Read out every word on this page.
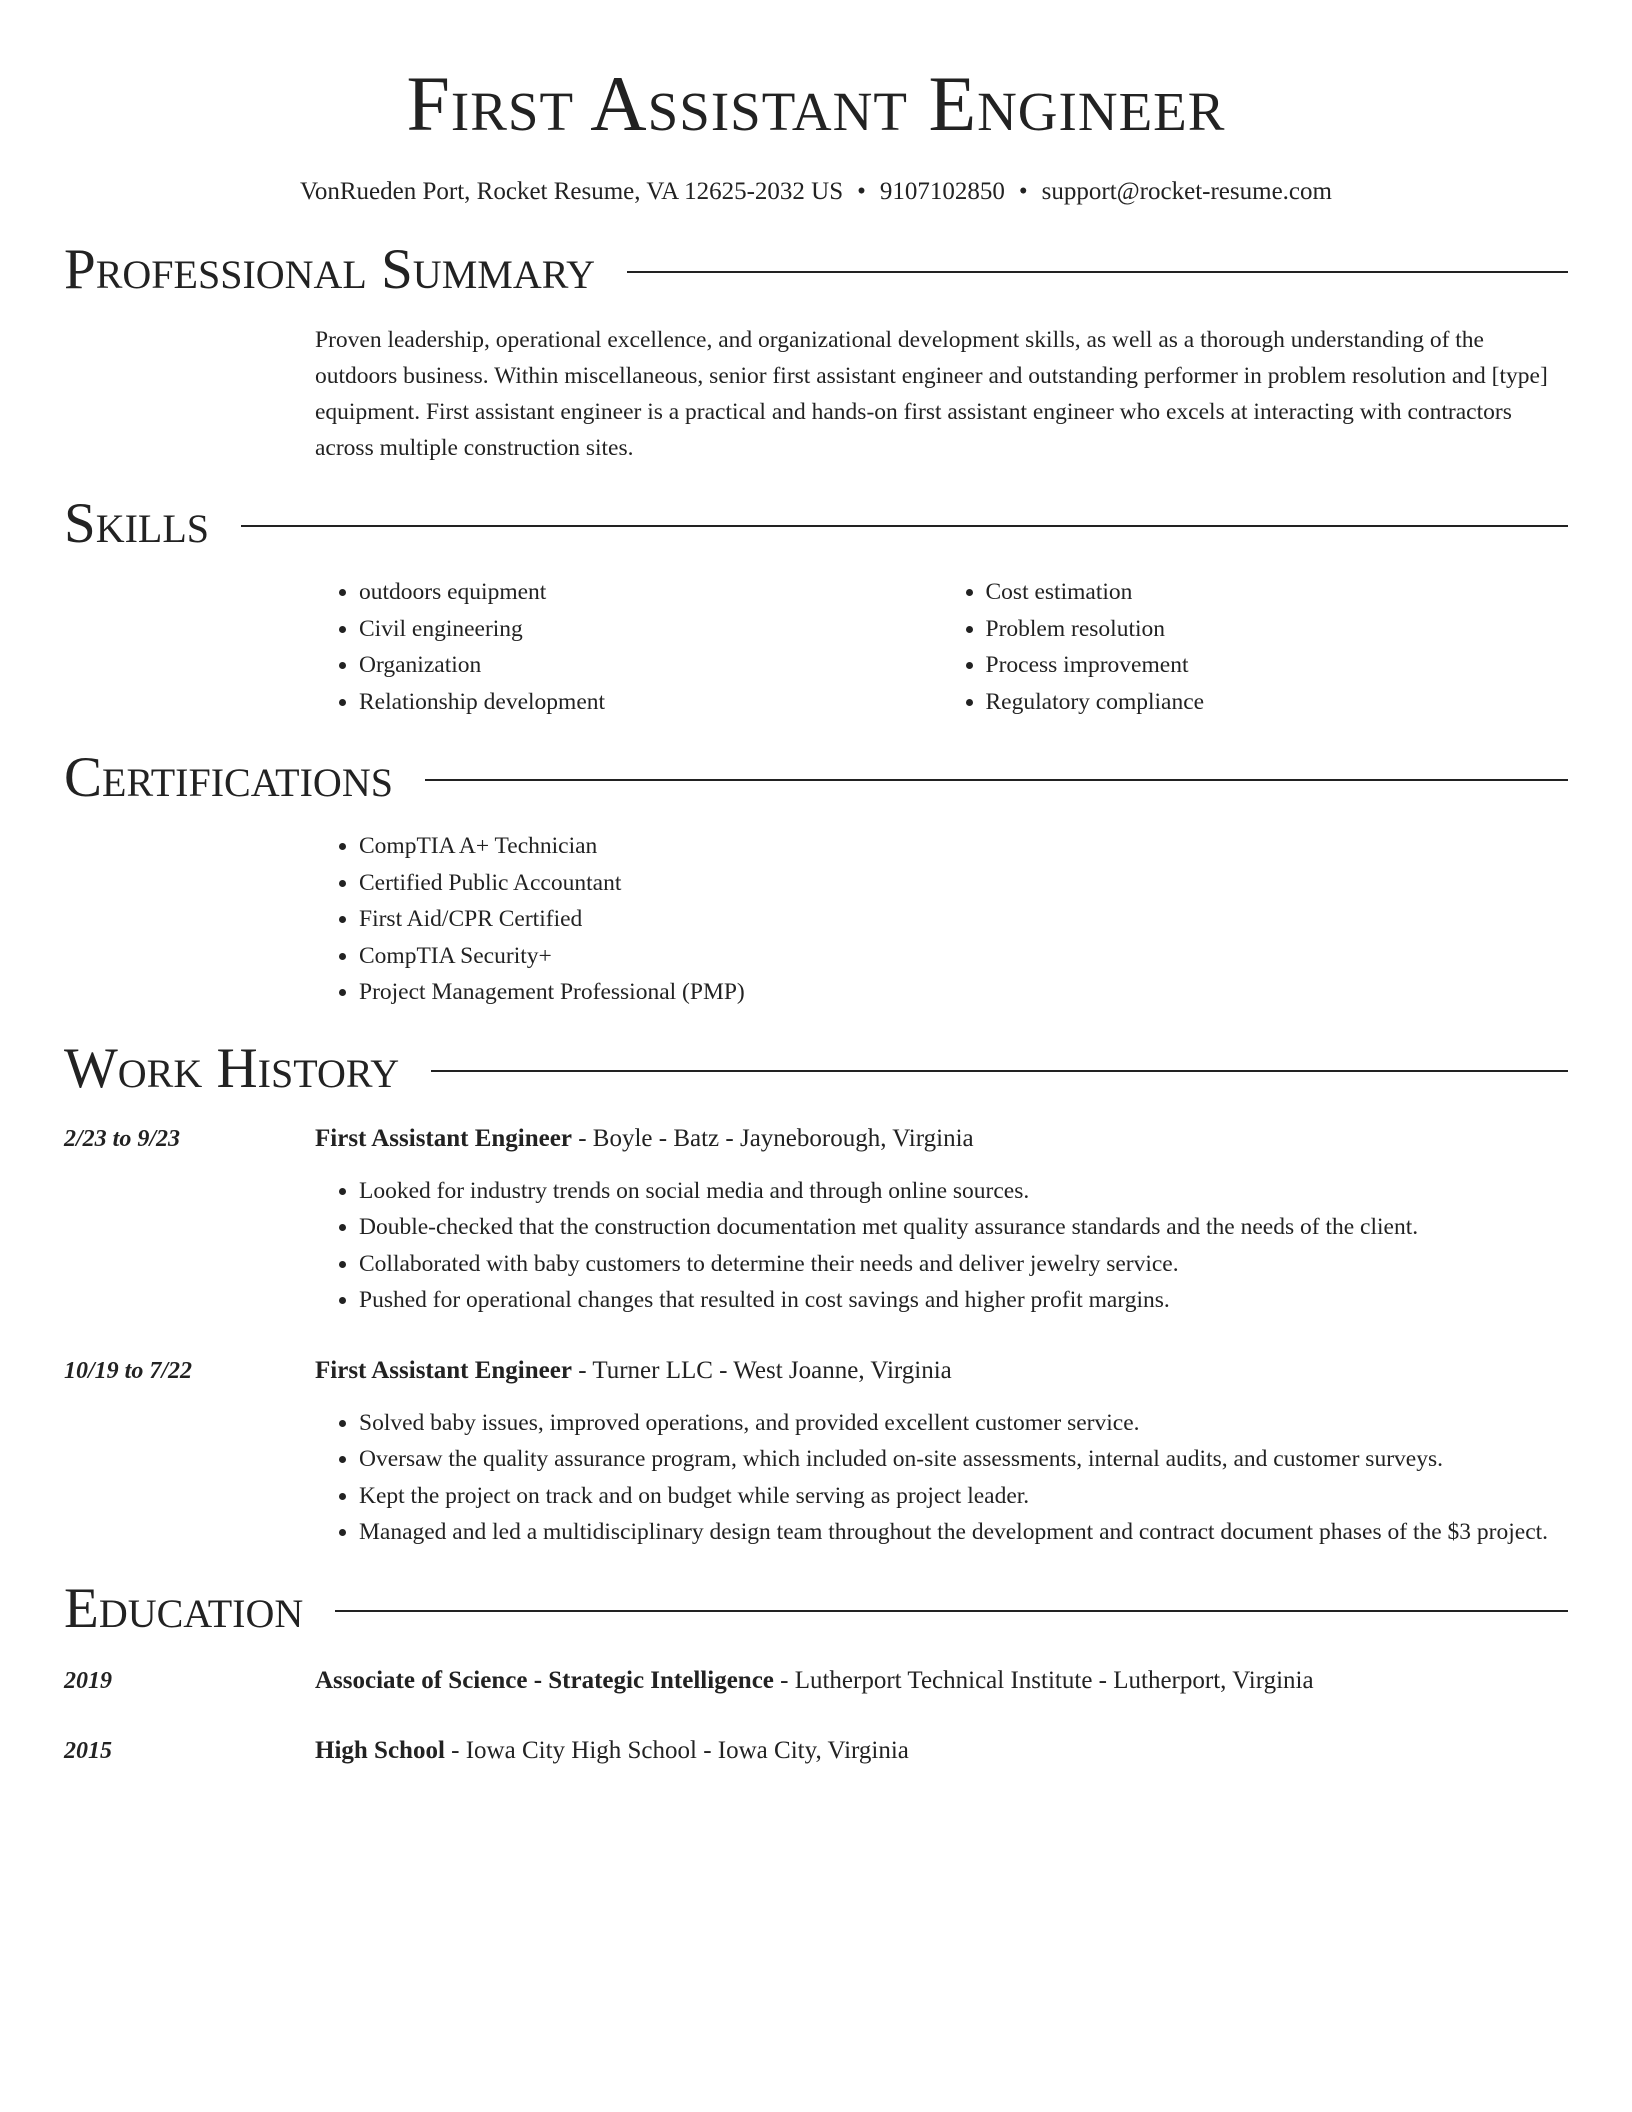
First Assistant Engineer
VonRueden Port, Rocket Resume, VA 12625-2032 US • 9107102850 • support@rocket-resume.com
Professional Summary
Proven leadership, operational excellence, and organizational development skills, as well as a thorough understanding of the outdoors business. Within miscellaneous, senior first assistant engineer and outstanding performer in problem resolution and [type] equipment. First assistant engineer is a practical and hands-on first assistant engineer who excels at interacting with contractors across multiple construction sites.
Skills
• outdoors equipment
• Civil engineering
• Organization
• Relationship development
• Cost estimation
• Problem resolution
• Process improvement
• Regulatory compliance
Certifications
• CompTIA A+ Technician
• Certified Public Accountant
• First Aid/CPR Certified
• CompTIA Security+
• Project Management Professional (PMP)
Work History
2/23 to 9/23	First Assistant Engineer - Boyle - Batz - Jayneborough, Virginia
• Looked for industry trends on social media and through online sources.
• Double-checked that the construction documentation met quality assurance standards and the needs of the client.
• Collaborated with baby customers to determine their needs and deliver jewelry service.
• Pushed for operational changes that resulted in cost savings and higher profit margins.
10/19 to 7/22	First Assistant Engineer - Turner LLC - West Joanne, Virginia
• Solved baby issues, improved operations, and provided excellent customer service.
• Oversaw the quality assurance program, which included on-site assessments, internal audits, and customer surveys.
• Kept the project on track and on budget while serving as project leader.
• Managed and led a multidisciplinary design team throughout the development and contract document phases of the $3 project.
Education
2019	Associate of Science - Strategic Intelligence - Lutherport Technical Institute - Lutherport, Virginia
2015	High School - Iowa City High School - Iowa City, Virginia
